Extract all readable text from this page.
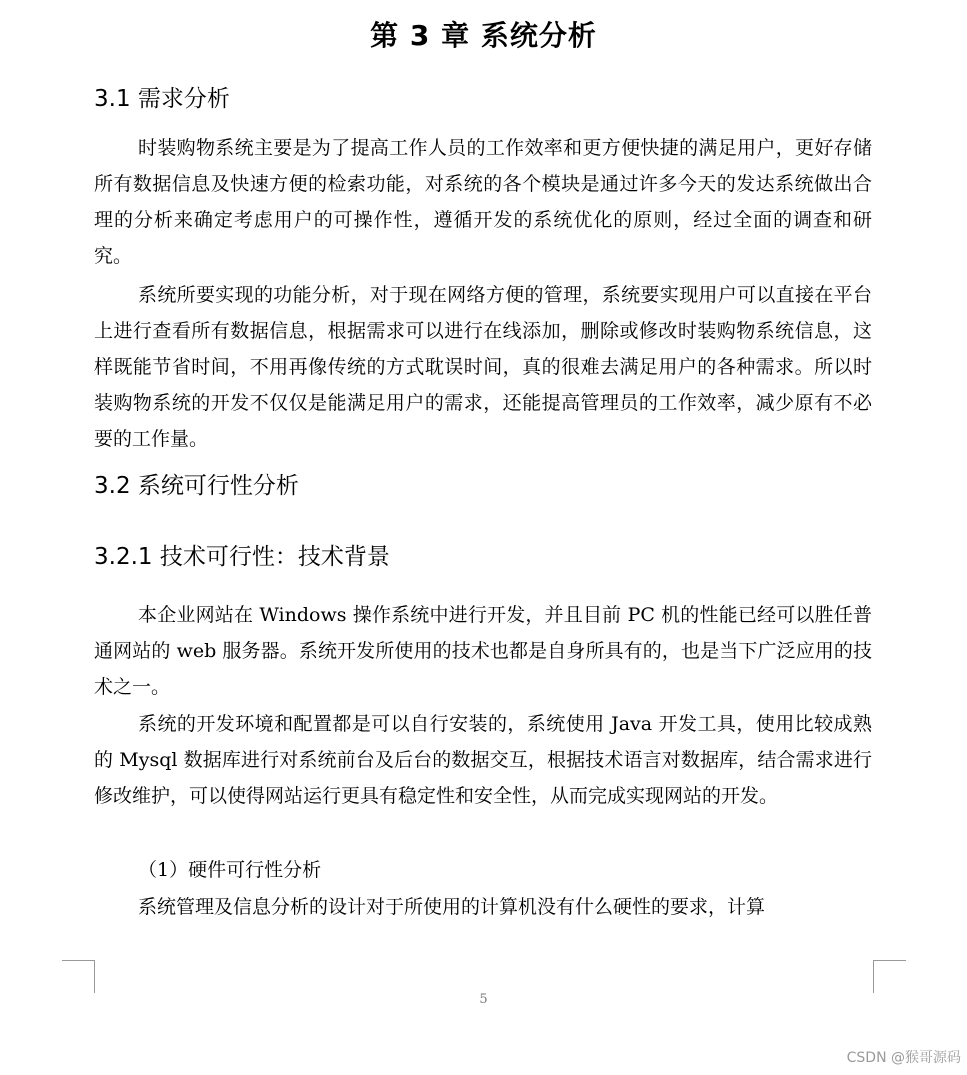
第 3 章 系统分析
3.1 需求分析

时装购物系统主要是为了提高工作人员的工作效率和更方便快捷的满足用户，更好存储所有数据信息及快速方便的检索功能，对系统的各个模块是通过许多今天的发达系统做出合理的分析来确定考虑用户的可操作性，遵循开发的系统优化的原则，经过全面的调查和研究。

系统所要实现的功能分析，对于现在网络方便的管理，系统要实现用户可以直接在平台上进行查看所有数据信息，根据需求可以进行在线添加，删除或修改时装购物系统信息，这样既能节省时间，不用再像传统的方式耽误时间，真的很难去满足用户的各种需求。所以时装购物系统的开发不仅仅是能满足用户的需求，还能提高管理员的工作效率，减少原有不必要的工作量。

3.2 系统可行性分析
3.2.1 技术可行性：技术背景

本企业网站在 Windows 操作系统中进行开发，并且目前 PC 机的性能已经可以胜任普通网站的 web 服务器。系统开发所使用的技术也都是自身所具有的，也是当下广泛应用的技术之一。

系统的开发环境和配置都是可以自行安装的，系统使用 Java 开发工具，使用比较成熟的 Mysql 数据库进行对系统前台及后台的数据交互，根据技术语言对数据库，结合需求进行修改维护，可以使得网站运行更具有稳定性和安全性，从而完成实现网站的开发。

（1）硬件可行性分析

系统管理及信息分析的设计对于所使用的计算机没有什么硬性的要求，计算

5
CSDN @猴哥源码
